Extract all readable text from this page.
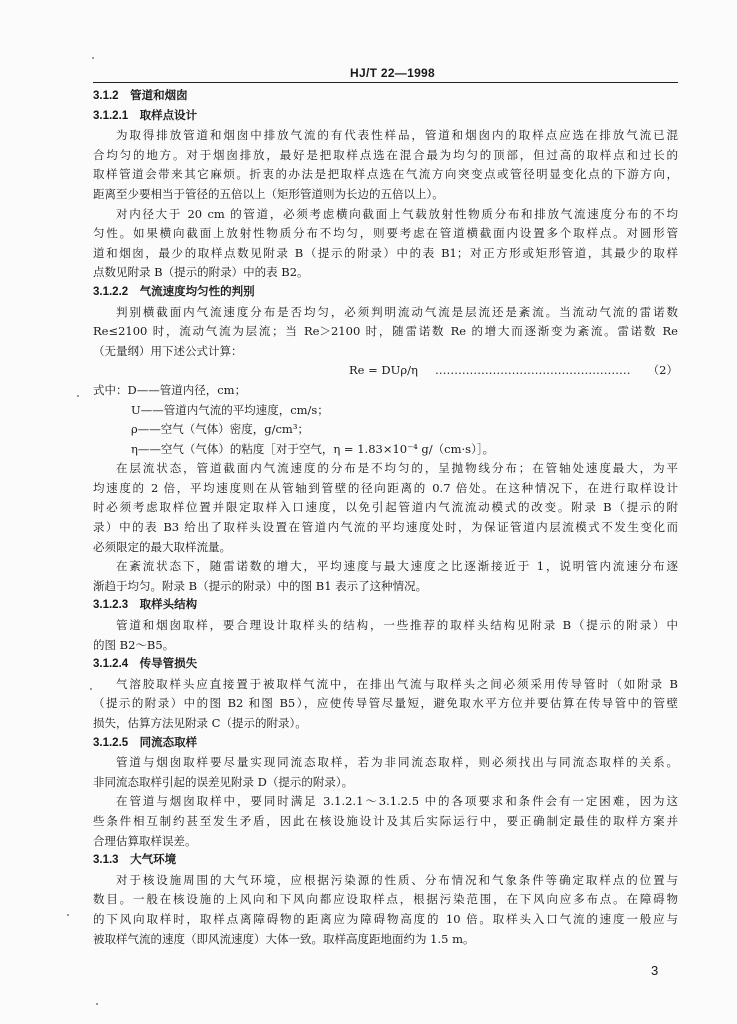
HJ/T 22—1998
3.1.2　管道和烟囱
3.1.2.1　取样点设计
为取得排放管道和烟囱中排放气流的有代表性样品，管道和烟囱内的取样点应选在排放气流已混
合均匀的地方。对于烟囱排放，最好是把取样点选在混合最为均匀的顶部，但过高的取样点和过长的
取样管道会带来其它麻烦。折衷的办法是把取样点选在气流方向突变点或管径明显变化点的下游方向，
距离至少要相当于管径的五倍以上（矩形管道则为长边的五倍以上）。
对内径大于 20 cm 的管道，必须考虑横向截面上气载放射性物质分布和排放气流速度分布的不均
匀性。如果横向截面上放射性物质分布不均匀，则要考虑在管道横截面内设置多个取样点。对圆形管
道和烟囱，最少的取样点数见附录 B（提示的附录）中的表 B1；对正方形或矩形管道，其最少的取样
点数见附录 B（提示的附录）中的表 B2。
3.1.2.2　气流速度均匀性的判别
判别横截面内气流速度分布是否均匀，必须判明流动气流是层流还是紊流。当流动气流的雷诺数
Re≤2100 时，流动气流为层流；当 Re＞2100 时，随雷诺数 Re 的增大而逐渐变为紊流。雷诺数 Re
（无量纲）用下述公式计算：
Re = DUρ/η …………………………………………… （2）
式中：D——管道内径，cm；
U——管道内气流的平均速度，cm/s；
ρ——空气（气体）密度，g/cm³；
η——空气（气体）的粘度［对于空气，η = 1.83×10⁻⁴ g/（cm·s）］。
在层流状态，管道截面内气流速度的分布是不均匀的，呈抛物线分布；在管轴处速度最大，为平
均速度的 2 倍，平均速度则在从管轴到管壁的径向距离的 0.7 倍处。在这种情况下，在进行取样设计
时必须考虑取样位置并限定取样入口速度，以免引起管道内气流流动模式的改变。附录 B（提示的附
录）中的表 B3 给出了取样头设置在管道内气流的平均速度处时，为保证管道内层流模式不发生变化而
必须限定的最大取样流量。
在紊流状态下，随雷诺数的增大，平均速度与最大速度之比逐渐接近于 1，说明管内流速分布逐
渐趋于均匀。附录 B（提示的附录）中的图 B1 表示了这种情况。
3.1.2.3　取样头结构
管道和烟囱取样，要合理设计取样头的结构，一些推荐的取样头结构见附录 B（提示的附录）中
的图 B2～B5。
3.1.2.4　传导管损失
气溶胶取样头应直接置于被取样气流中，在排出气流与取样头之间必须采用传导管时（如附录 B
（提示的附录）中的图 B2 和图 B5），应使传导管尽量短，避免取水平方位并要估算在传导管中的管壁
损失，估算方法见附录 C（提示的附录）。
3.1.2.5　同流态取样
管道与烟囱取样要尽量实现同流态取样，若为非同流态取样，则必须找出与同流态取样的关系。
非同流态取样引起的误差见附录 D（提示的附录）。
在管道与烟囱取样中，要同时满足 3.1.2.1～3.1.2.5 中的各项要求和条件会有一定困难，因为这
些条件相互制约甚至发生矛盾，因此在核设施设计及其后实际运行中，要正确制定最佳的取样方案并
合理估算取样误差。
3.1.3　大气环境
对于核设施周围的大气环境，应根据污染源的性质、分布情况和气象条件等确定取样点的位置与
数目。一般在核设施的上风向和下风向都应设取样点，根据污染范围，在下风向应多布点。在障碍物
的下风向取样时，取样点离障碍物的距离应为障碍物高度的 10 倍。取样头入口气流的速度一般应与
被取样气流的速度（即风流速度）大体一致。取样高度距地面约为 1.5 m。
3
